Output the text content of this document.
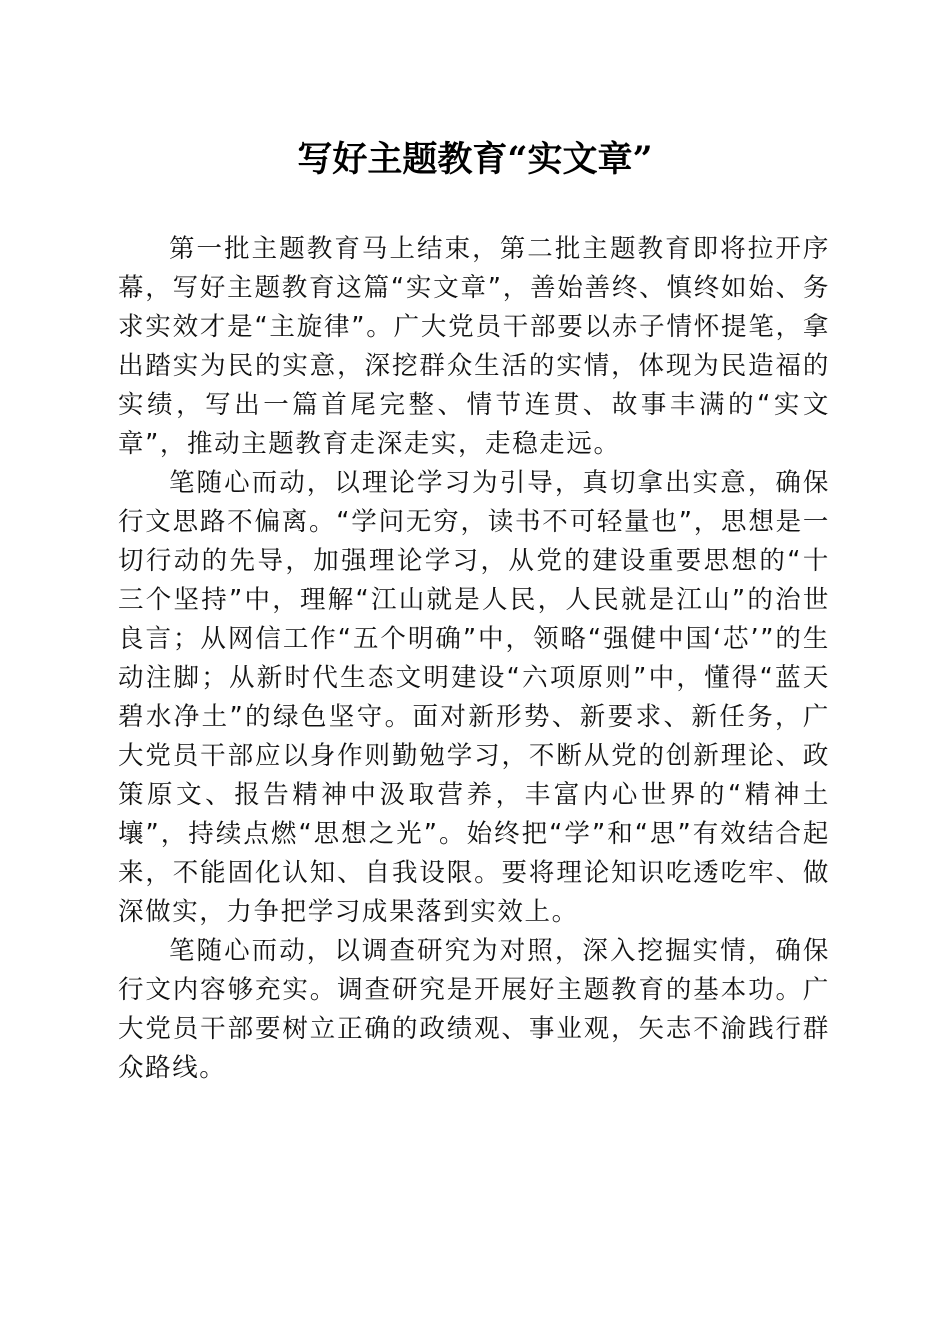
写好主题教育“实文章”

第一批主题教育马上结束，第二批主题教育即将拉开序幕，写好主题教育这篇“实文章”，善始善终、慎终如始、务求实效才是“主旋律”。广大党员干部要以赤子情怀提笔，拿出踏实为民的实意，深挖群众生活的实情，体现为民造福的实绩，写出一篇首尾完整、情节连贯、故事丰满的“实文章”，推动主题教育走深走实，走稳走远。

笔随心而动，以理论学习为引导，真切拿出实意，确保行文思路不偏离。“学问无穷，读书不可轻量也”，思想是一切行动的先导，加强理论学习，从党的建设重要思想的“十三个坚持”中，理解“江山就是人民，人民就是江山”的治世良言；从网信工作“五个明确”中，领略“强健中国‘芯’”的生动注脚；从新时代生态文明建设“六项原则”中，懂得“蓝天碧水净土”的绿色坚守。面对新形势、新要求、新任务，广大党员干部应以身作则勤勉学习，不断从党的创新理论、政策原文、报告精神中汲取营养，丰富内心世界的“精神土壤”，持续点燃“思想之光”。始终把“学”和“思”有效结合起来，不能固化认知、自我设限。要将理论知识吃透吃牢、做深做实，力争把学习成果落到实效上。

笔随心而动，以调查研究为对照，深入挖掘实情，确保行文内容够充实。调查研究是开展好主题教育的基本功。广大党员干部要树立正确的政绩观、事业观，矢志不渝践行群众路线。
